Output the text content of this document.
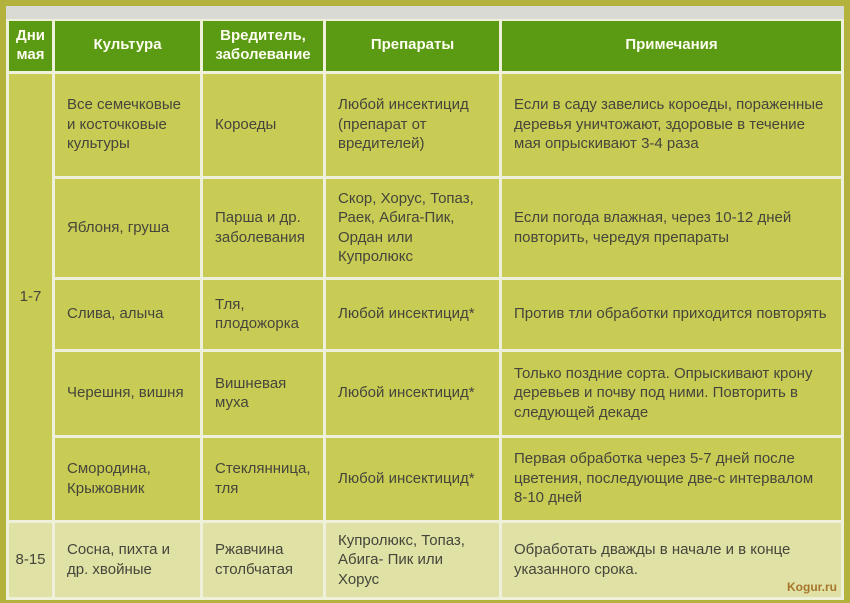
Дни мая	Культура	Вредитель, заболевание	Препараты	Примечания
1-7	Все семечковые и косточковые культуры	Короеды	Любой инсектицид (препарат от вредителей)	Если в саду завелись короеды, пораженные деревья уничтожают, здоровые в течение мая опрыскивают 3-4 раза
	Яблоня, груша	Парша и др. заболевания	Скор, Хорус, Топаз, Раек, Абига-Пик, Ордан или Купролюкс	Если погода влажная, через 10-12 дней повторить, чередуя препараты
	Слива, алыча	Тля, плодожорка	Любой инсектицид*	Против тли обработки приходится повторять
	Черешня, вишня	Вишневая муха	Любой инсектицид*	Только поздние сорта. Опрыскивают крону деревьев и почву под ними. Повторить в следующей декаде
	Смородина, Крыжовник	Стеклянница, тля	Любой инсектицид*	Первая обработка через 5-7 дней после цветения, последующие две-с интервалом 8-10 дней
8-15	Сосна, пихта и др. хвойные	Ржавчина столбчатая	Купролюкс, Топаз, Абига- Пик или Хорус	Обработать дважды в начале и в конце указанного срока.
Kogur.ru
